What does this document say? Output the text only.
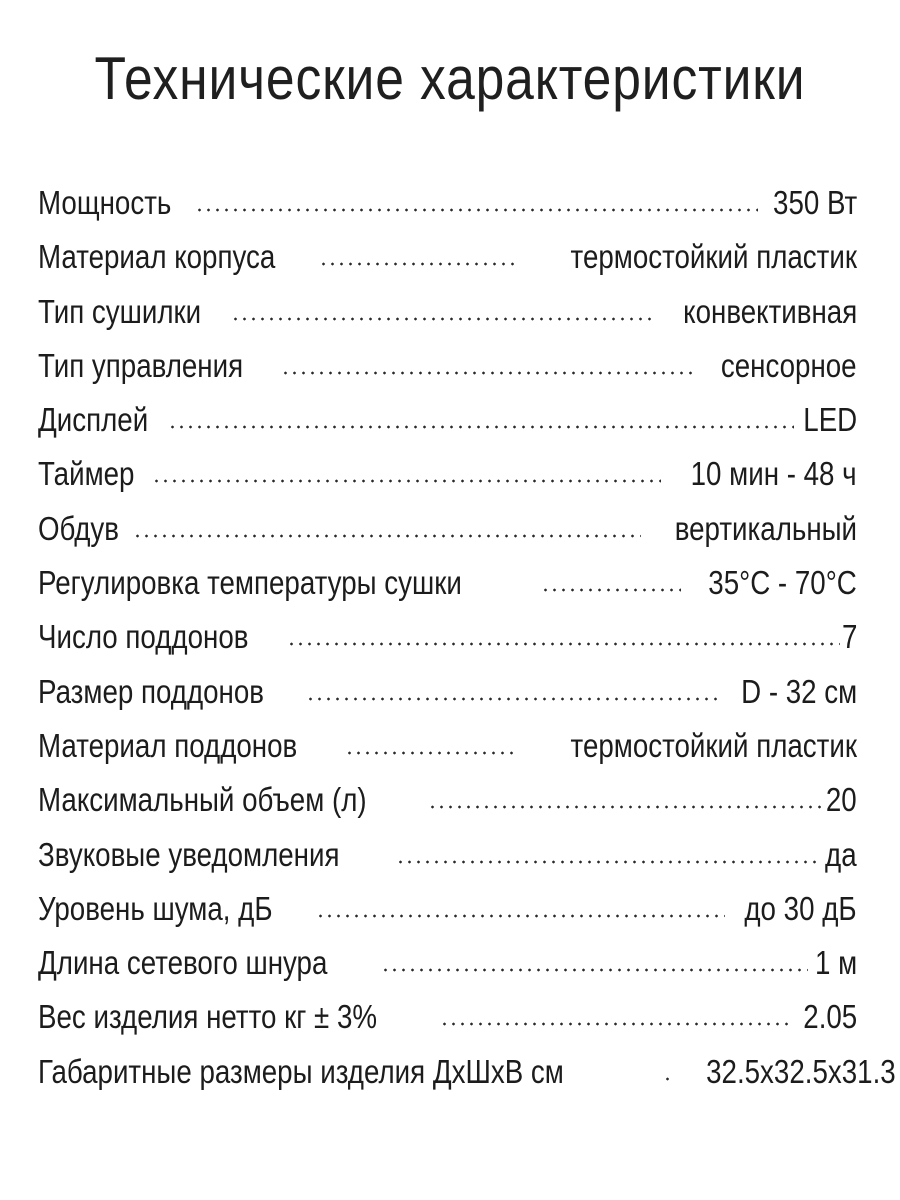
Технические характеристики
Мощность	350 Вт
Материал корпуса	термостойкий пластик
Тип сушилки	конвективная
Тип управления	сенсорное
Дисплей	LED
Таймер	10 мин - 48 ч
Обдув	вертикальный
Регулировка температуры сушки	35°С - 70°С
Число поддонов	7
Размер поддонов	D - 32 см
Материал поддонов	термостойкий пластик
Максимальный объем (л)	20
Звуковые уведомления	да
Уровень шума, дБ	до 30 дБ
Длина сетевого шнура	1 м
Вес изделия нетто кг ± 3%	2.05
Габаритные размеры изделия ДхШхВ см	32.5х32.5х31.3
